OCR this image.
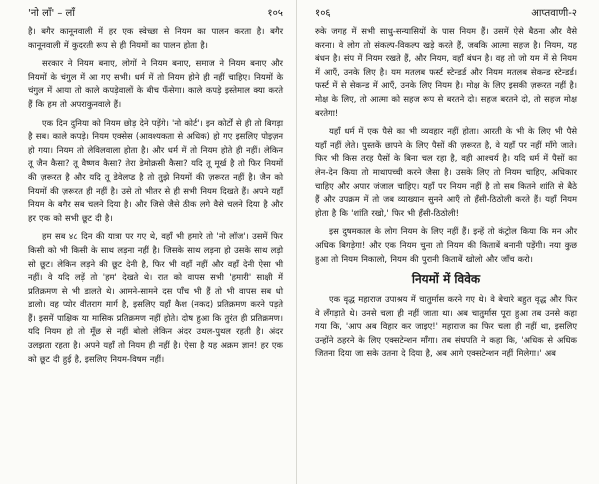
'नो लाँ' – लाँ	१०५

है। बगैर कानूनवाली में हर एक स्वेच्छा से नियम का पालन करता है। बगैर कानूनवाली में कुदरती रूप से ही नियमों का पालन होता है।

सरकार ने नियम बनाए, लोगों ने नियम बनाए, समाज ने नियम बनाए और नियमों के चंगुल में आ गए सभी। धर्म में तो नियम होने ही नहीं चाहिए। नियमों के चंगुल में आया तो काले कपड़ेवालों के बीच फँसेगा। काले कपड़े इस्तेमाल क्या करते हैं कि हम तो अपराकुनवाले हैं।

एक दिन दुनिया को नियम छोड़ देने पड़ेंगे। 'नो कोर्ट'। इन कोर्टों से ही तो बिगड़ा है सब। काले कपड़े। नियम एक्सेस (आवश्यकता से अधिक) हो गए इसलिए पोइज़न हो गया। नियम तो लेविलवाला होता है। और धर्म में तो नियम होते ही नहीं। लेकिन तू जैन कैसा? तू वैष्णव कैसा? तेरा डेमोक्रसी कैसा? यदि तू मूर्ख है तो फिर नियमों की ज़रूरत है और यदि तू डेवेलप्ड है तो तुझे नियमों की ज़रूरत नहीं है। जैन को नियमों की ज़रूरत ही नहीं है। उसे तो भीतर से ही सभी नियम दिखते हैं। अपने यहाँ नियम के बगैर सब चलने दिया है। और जिसे जैसे ठीक लगे वैसे चलने दिया है और हर एक को सभी छूट दी है।

हम सब ४८ दिन की यात्रा पर गए थे, वहाँ भी हमारे तो 'नो लॉज'। उसमें फिर किसी को भी किसी के साथ लड़ना नहीं है। जिसके साथ लड़ना हो उसके साथ लड़ो सो छूट। लेकिन लड़ने की छूट देनी है, फिर भी वहाँ नहीं और वहाँ देनी ऐसा भी नहीं। वे यदि लड़ें तो 'हम' देखते थे। रात को वापस सभी 'हमारी' साक्षी में प्रतिक्रमण से भी डालते थे। आमने-सामने दस पाँच भी हैं तो भी वापस सब धो डालो। वह प्योर वीतराग मार्ग है, इसलिए यहाँ कैश (नकद) प्रतिक्रमण करने पड़ते हैं। इसमें पाक्षिक या मासिक प्रतिक्रमण नहीं होते। दोष हुआ कि तुरंत ही प्रतिक्रमण। यदि नियम हो तो मूँछ से नहीं बोलो लेकिन अंदर उथल-पुथल रहती है। अंदर उलझता रहता है। अपने यहाँ तो नियम ही नहीं है। ऐसा है यह अक्रम ज्ञान! हर एक को छूट दी हुई है, इसलिए नियम-विषम नहीं।

१०६	आप्तवाणी-२

रुके जगह में सभी साधु-सन्यासियों के पास नियम हैं। उसमें ऐसे बैठना और वैसे करना। वे लोग तो संकल्प-विकल्प खड़े करते हैं, जबकि आत्मा सहज है। नियम, यह बंधन है। संप में नियम रखते हैं, और नियम, वहाँ बंधन है। वह तो जो यम में से नियम में आएँ, उनके लिए है। यम मतलब फर्स्ट स्टेन्डर्ड और नियम मतलब सेकन्ड स्टेन्डर्ड। फर्स्ट में से सेकन्ड में आएँ, उनके लिए नियम है। मोक्ष के लिए इसकी ज़रूरत नहीं है। मोक्ष के लिए, तो आत्मा को सहज रूप से बरतने दो। सहज बरतने दो, तो सहज मोक्ष बरतेगा!

यहाँ धर्म में एक पैसे का भी व्यवहार नहीं होता। आरती के भी के लिए भी पैसे यहाँ नहीं लेते। पुस्तकें छापने के लिए पैसों की ज़रूरत है, वे यहाँ पर नहीं माँगे जाते। फिर भी किस तरह पैसों के बिना चल रहा है, वही आश्चर्य है। यदि धर्म में पैसों का लेन-देन किया तो माथापच्ची करने जैसा है। उसके लिए तो नियम चाहिए, अधिकार चाहिए और अपार जंजाल चाहिए। यहाँ पर नियम नहीं है तो सब कितने शांति से बैठे हैं और उपक्रम में तो जब व्याख्यान सुनने आएँ तो हँसी-ठिठोली करते हैं। यहाँ नियम होता है कि 'शांति रखो,' फिर भी हँसी-ठिठोली!

इस दुषमकाल के लोग नियम के लिए नहीं हैं। इन्हें तो कंट्रोल किया कि मन और अधिक बिगड़ेगा! और एक नियम चुना तो नियम की किताबें बनानी पड़ेंगी। नया कुछ हुआ तो नियम निकालो, नियम की पुरानी किताबें खोलो और जाँच करो।

नियमों में विवेक

एक वृद्ध महाराज उपाश्रय में चातुर्मास करने गए थे। वे बेचारे बहुत वृद्ध और फिर वे लँगड़ाते थे। उनसे चला ही नहीं जाता था। अब चातुर्मास पूरा हुआ तब उनसे कहा गया कि, 'आप अब विहार कर जाइए!' महाराज का फिर चला ही नहीं था, इसलिए उन्होंने ठहरने के लिए एक्सटेन्शन माँगा। तब संघपति ने कहा कि, 'अधिक से अधिक जितना दिया जा सके उतना दे दिया है, अब आगे एक्सटेन्शन नहीं मिलेगा।' अब
